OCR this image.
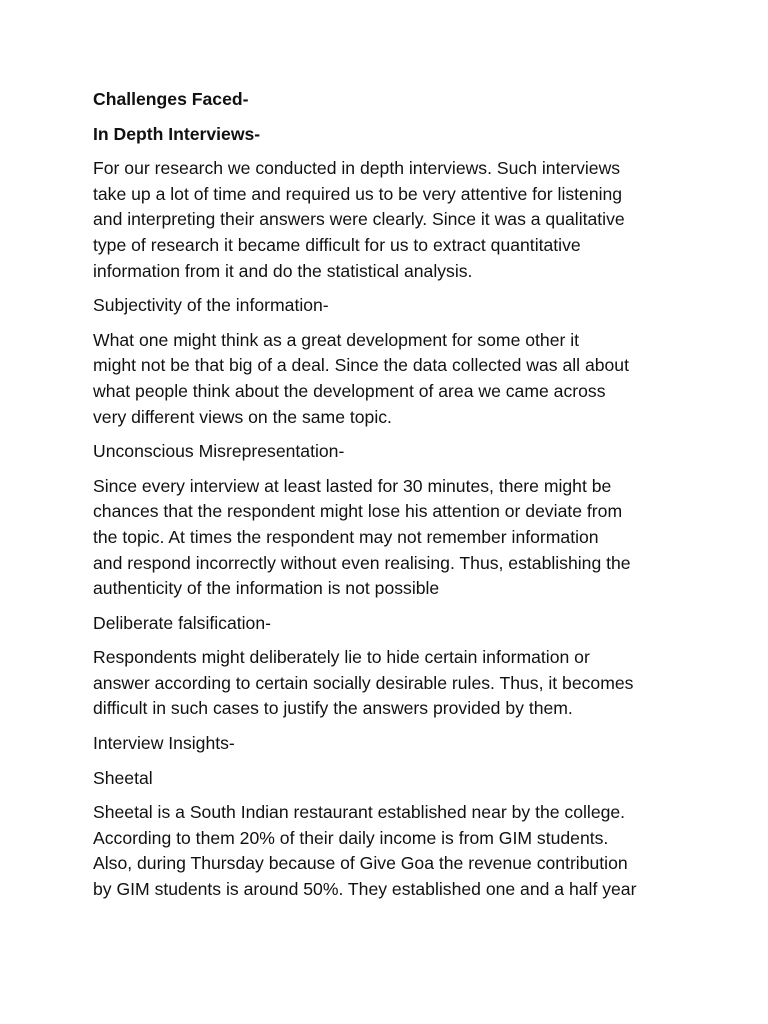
Challenges Faced-
In Depth Interviews-
For our research we conducted in depth interviews. Such interviews
take up a lot of time and required us to be very attentive for listening
and interpreting their answers were clearly. Since it was a qualitative
type of research it became difficult for us to extract quantitative
information from it and do the statistical analysis.
Subjectivity of the information-
What one might think as a great development for some other it
might not be that big of a deal. Since the data collected was all about
what people think about the development of area we came across
very different views on the same topic.
Unconscious Misrepresentation-
Since every interview at least lasted for 30 minutes, there might be
chances that the respondent might lose his attention or deviate from
the topic. At times the respondent may not remember information
and respond incorrectly without even realising. Thus, establishing the
authenticity of the information is not possible
Deliberate falsification-
Respondents might deliberately lie to hide certain information or
answer according to certain socially desirable rules. Thus, it becomes
difficult in such cases to justify the answers provided by them.
Interview Insights-
Sheetal
Sheetal is a South Indian restaurant established near by the college.
According to them 20% of their daily income is from GIM students.
Also, during Thursday because of Give Goa the revenue contribution
by GIM students is around 50%. They established one and a half year
